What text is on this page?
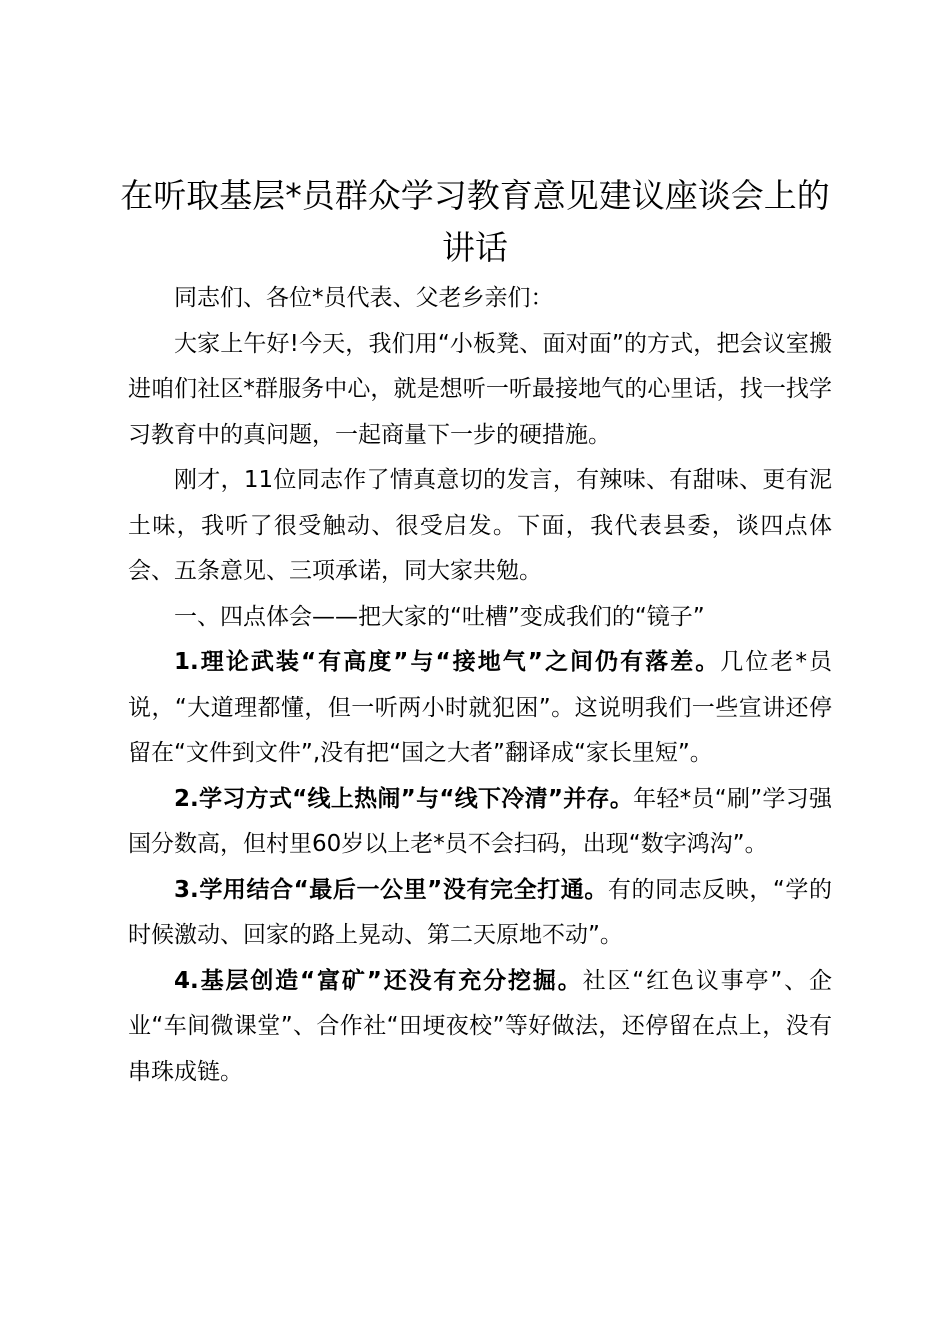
在听取基层*员群众学习教育意见建议座谈会上的讲话

同志们、各位*员代表、父老乡亲们：

大家上午好!今天，我们用“小板凳、面对面”的方式，把会议室搬进咱们社区*群服务中心，就是想听一听最接地气的心里话，找一找学习教育中的真问题，一起商量下一步的硬措施。

刚才，11位同志作了情真意切的发言，有辣味、有甜味、更有泥土味，我听了很受触动、很受启发。下面，我代表县委，谈四点体会、五条意见、三项承诺，同大家共勉。

一、四点体会——把大家的“吐槽”变成我们的“镜子”

1.理论武装“有高度”与“接地气”之间仍有落差。几位老*员说，“大道理都懂，但一听两小时就犯困”。这说明我们一些宣讲还停留在“文件到文件”,没有把“国之大者”翻译成“家长里短”。

2.学习方式“线上热闹”与“线下冷清”并存。年轻*员“刷”学习强国分数高，但村里60岁以上老*员不会扫码，出现“数字鸿沟”。

3.学用结合“最后一公里”没有完全打通。有的同志反映，“学的时候激动、回家的路上晃动、第二天原地不动”。

4.基层创造“富矿”还没有充分挖掘。社区“红色议事亭”、企业“车间微课堂”、合作社“田埂夜校”等好做法，还停留在点上，没有串珠成链。
